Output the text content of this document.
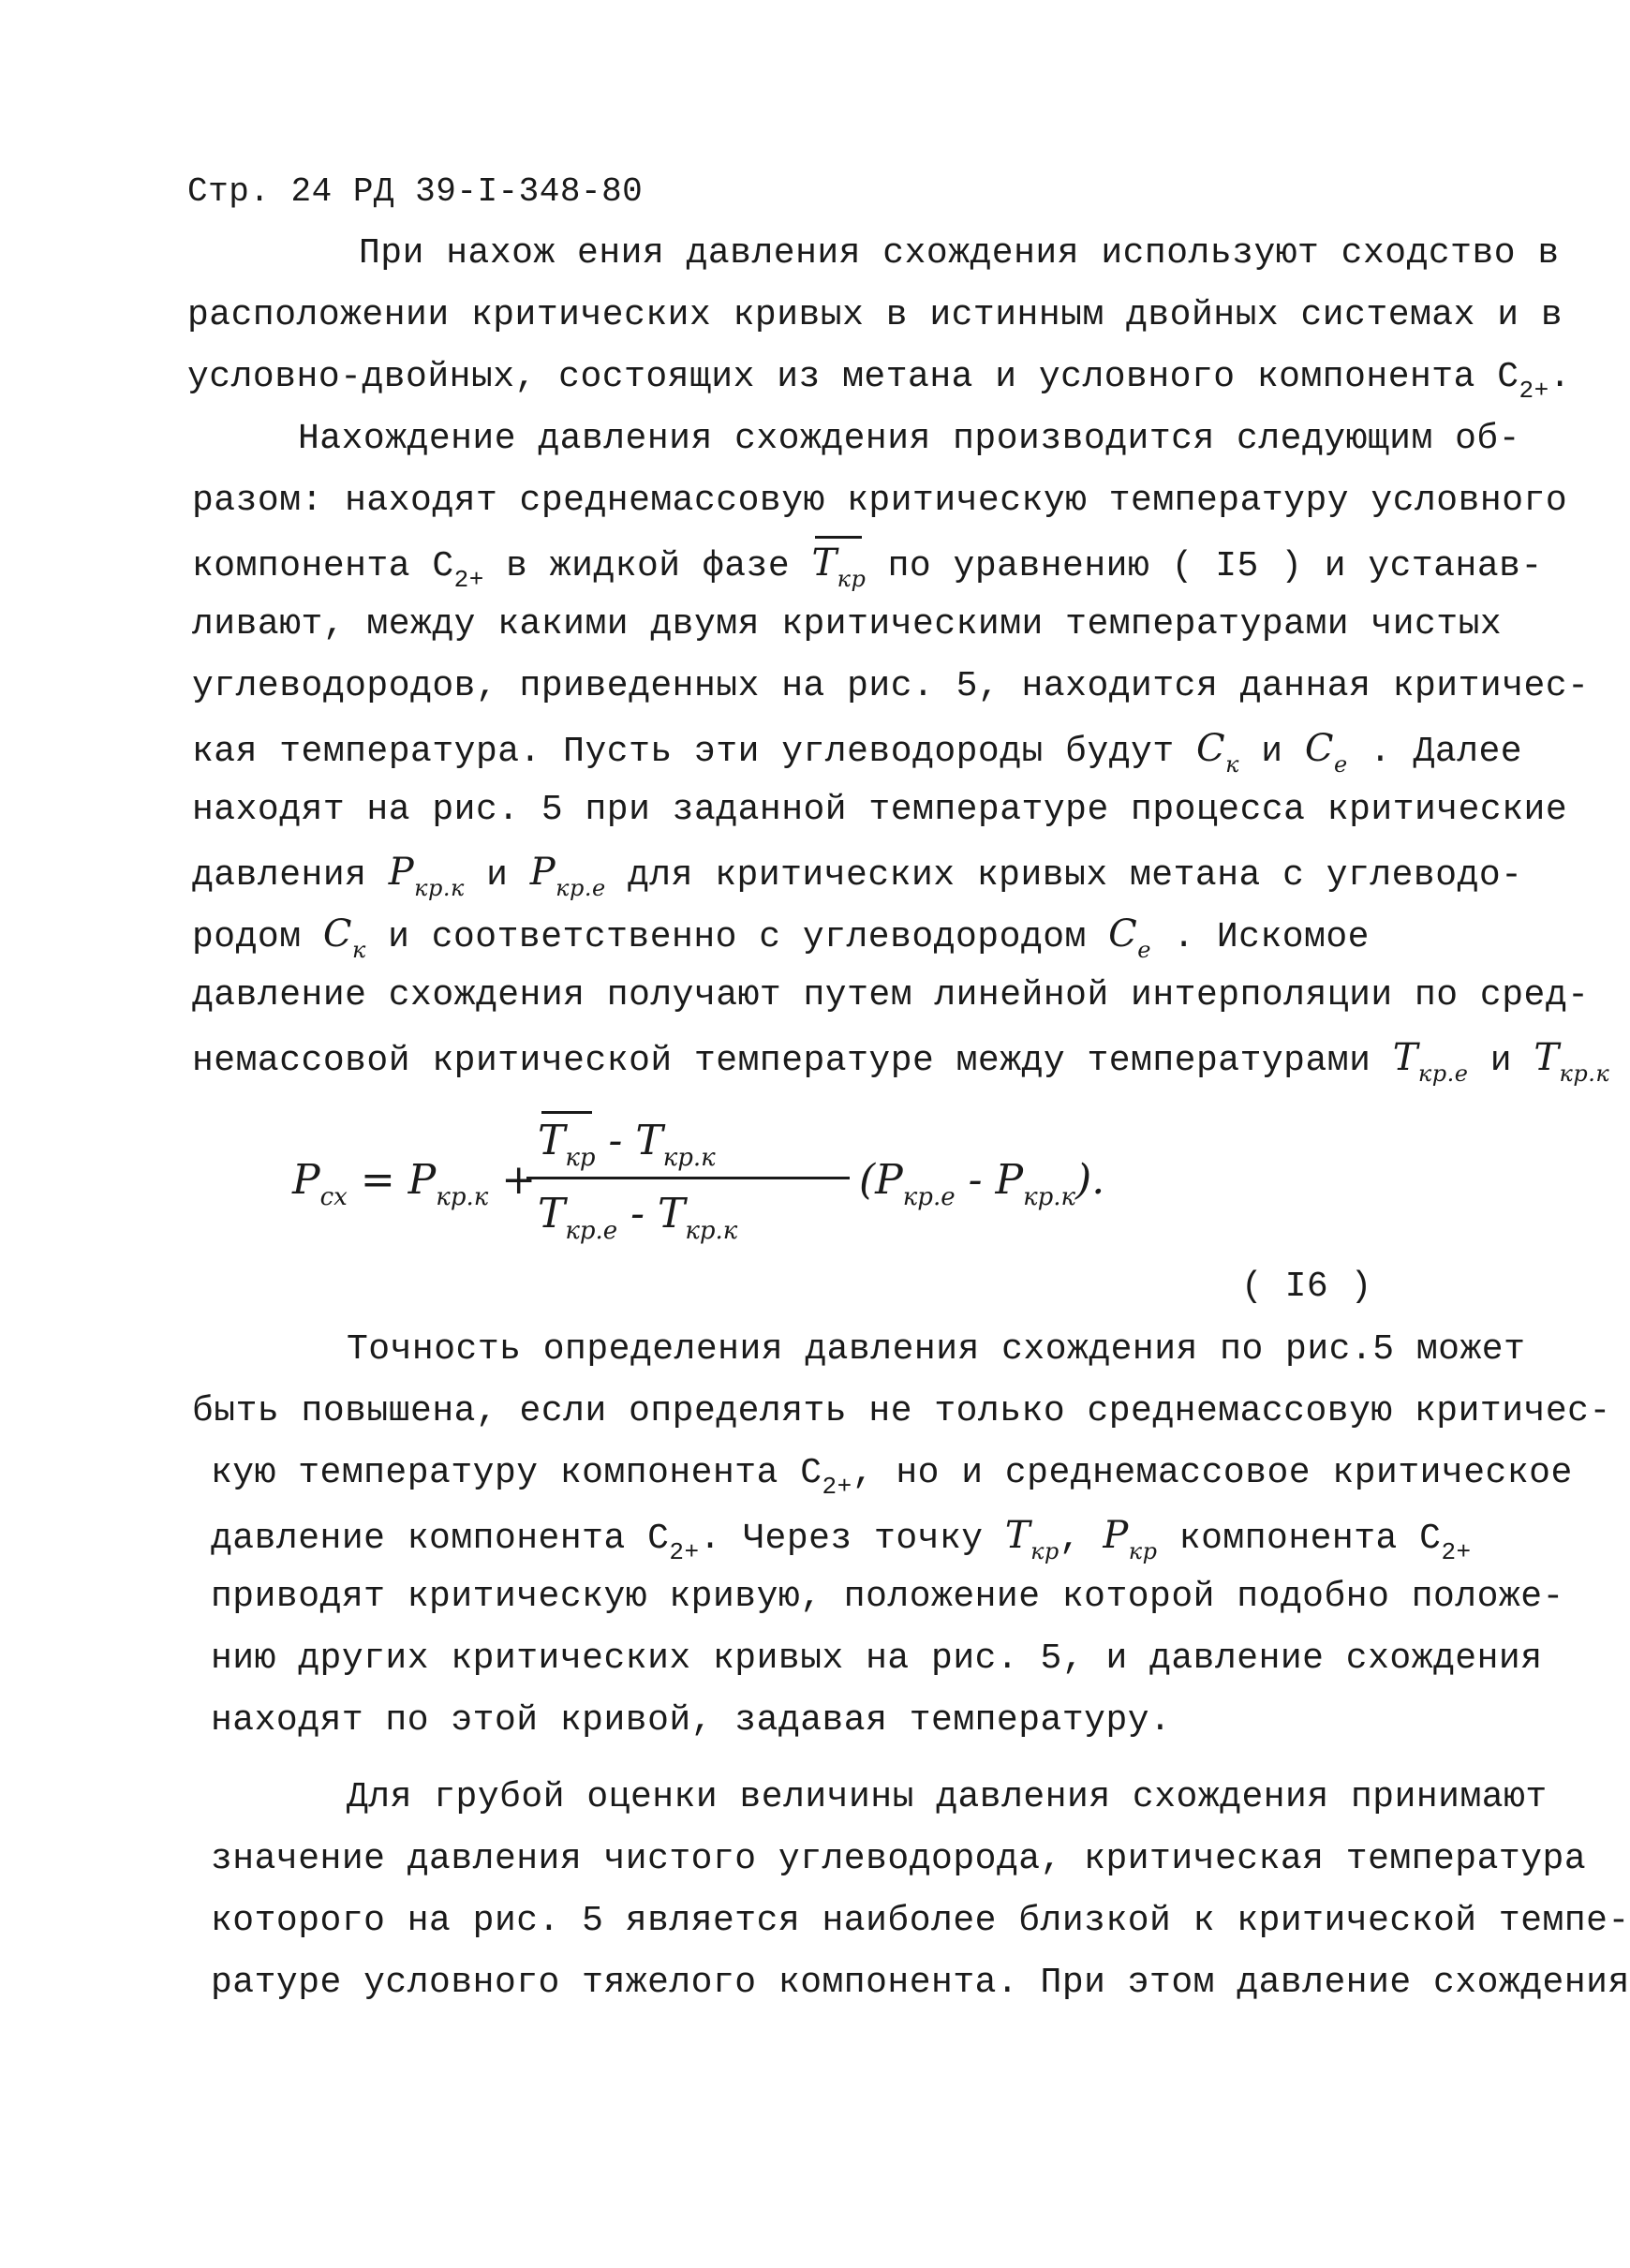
Стр. 24 РД 39-I-348-80
При нахож ения давления схождения используют сходство в
расположении критических кривых в истинным двойных системах и в
условно-двойных, состоящих из метана и условного компонента $С_{2+}$.
Нахождение давления схождения производится следующим об-
разом: находят среднемассовую критическую температуру условного
компонента $С_{2+}$ в жидкой фазе $T_{кр}$ по уравнению ( I5 ) и устанав-
ливают, между какими двумя критическими температурами чистых
углеводородов, приведенных на рис. 5, находится данная критичес-
кая температура. Пусть эти углеводороды будут $C_к$ и $C_е$ . Далее
находят на рис. 5 при заданной температуре процесса критические
давления $P_{кр.к}$ и $P_{кр.е}$ для критических кривых метана с углеводо-
родом $C_к$ и соответственно с углеводородом $C_е$ . Искомое
давление схождения получают путем линейной интерполяции по сред-
немассовой критической температуре между температурами $T_{кр.е}$ и $T_{кр.к}$
$P_{сх} = P_{кр.к}$ +
$T_{кр} - T_{кр.к}$
$T_{кр.е} - T_{кр.к}$
$(P_{кр.е} - P_{кр.к})$.
( I6 )
Точность определения давления схождения по рис.5 может
быть повышена, если определять не только среднемассовую критичес-
кую температуру компонента $С_{2+}$, но и среднемассовое критическое
давление компонента $С_{2+}$. Через точку $T_{кр}$, $P_{кр}$ компонента $С_{2+}$
приводят критическую кривую, положение которой подобно положе-
нию других критических кривых на рис. 5, и давление схождения
находят по этой кривой, задавая температуру.
Для грубой оценки величины давления схождения принимают
значение давления чистого углеводорода, критическая температура
которого на рис. 5 является наиболее близкой к критической темпе-
ратуре условного тяжелого компонента. При этом давление схождения
